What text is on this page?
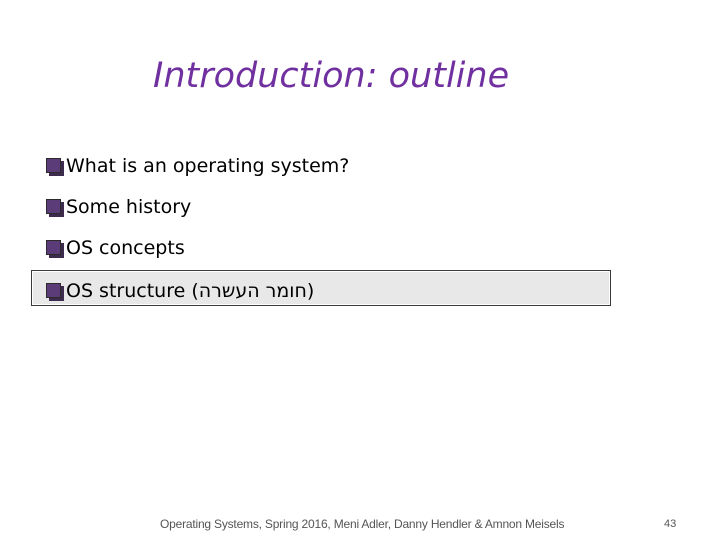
Introduction: outline
What is an operating system?
Some history
OS concepts
OS structure (חומר העשרה)
Operating Systems, Spring 2016, Meni Adler, Danny Hendler & Amnon Meisels	43
